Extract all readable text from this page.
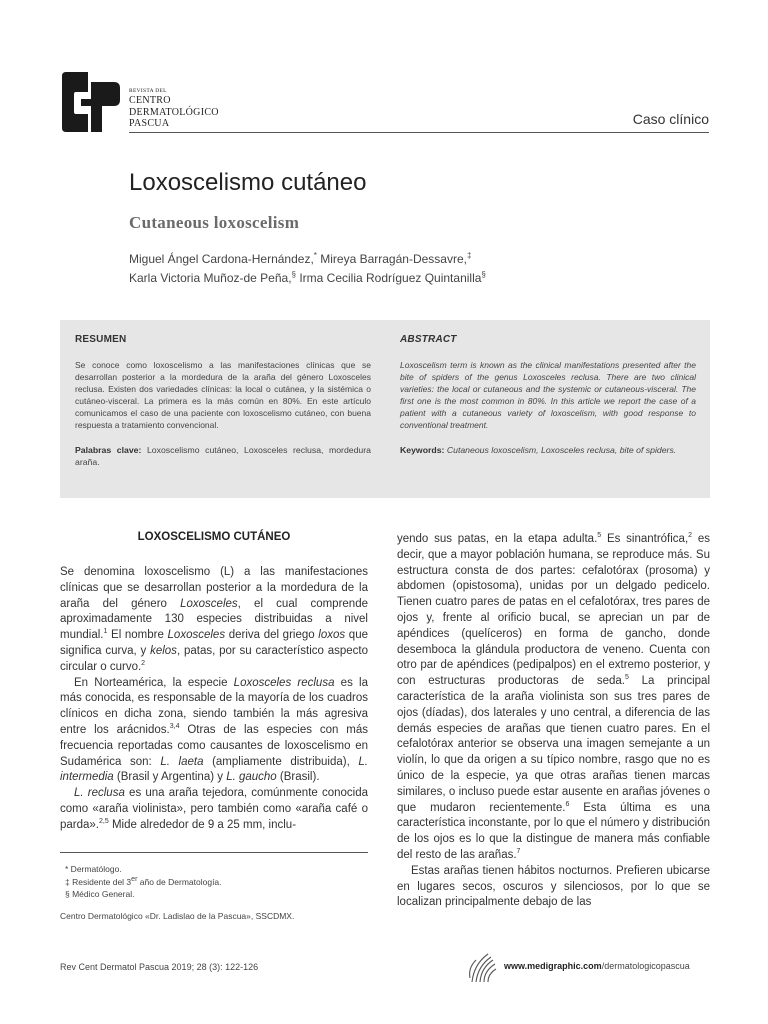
REVISTA DEL
CENTRO
DERMATOLÓGICO
PASCUA	Caso clínico
Loxoscelismo cutáneo
Cutaneous loxoscelism
Miguel Ángel Cardona-Hernández,* Mireya Barragán-Dessavre,‡
Karla Victoria Muñoz-de Peña,§ Irma Cecilia Rodríguez Quintanilla§
RESUMEN
Se conoce como loxoscelismo a las manifestaciones clínicas que se desarrollan posterior a la mordedura de la araña del género Loxosceles reclusa. Existen dos variedades clínicas: la local o cutánea, y la sistémica o cutáneo-visceral. La primera es la más común en 80%. En este artículo comunicamos el caso de una paciente con loxoscelismo cutáneo, con buena respuesta a tratamiento convencional.
Palabras clave: Loxoscelismo cutáneo, Loxosceles reclusa, mordedura araña.
ABSTRACT
Loxoscelism term is known as the clinical manifestations presented after the bite of spiders of the genus Loxosceles reclusa. There are two clinical varieties: the local or cutaneous and the systemic or cutaneous-visceral. The first one is the most common in 80%. In this article we report the case of a patient with a cutaneous variety of loxoscelism, with good response to conventional treatment.
Keywords: Cutaneous loxoscelism, Loxosceles reclusa, bite of spiders.
LOXOSCELISMO CUTÁNEO

Se denomina loxoscelismo (L) a las manifestaciones clínicas que se desarrollan posterior a la mordedura de la araña del género Loxosceles, el cual comprende aproximadamente 130 especies distribuidas a nivel mundial.$^1$ El nombre Loxosceles deriva del griego loxos que significa curva, y kelos, patas, por su característico aspecto circular o curvo.$^2$

En Norteamérica, la especie Loxosceles reclusa es la más conocida, es responsable de la mayoría de los cuadros clínicos en dicha zona, siendo también la más agresiva entre los arácnidos.$^{3,4}$ Otras de las especies con más frecuencia reportadas como causantes de loxoscelismo en Sudamérica son: L. laeta (ampliamente distribuida), L. intermedia (Brasil y Argentina) y L. gaucho (Brasil).

L. reclusa es una araña tejedora, comúnmente conocida como «araña violinista», pero también como «araña café o parda».$^{2,5}$ Mide alrededor de 9 a 25 mm, inclu-

yendo sus patas, en la etapa adulta.$^5$ Es sinantrófica,$^2$ es decir, que a mayor población humana, se reproduce más. Su estructura consta de dos partes: cefalotórax (prosoma) y abdomen (opistosoma), unidas por un delgado pedicelo. Tienen cuatro pares de patas en el cefalotórax, tres pares de ojos y, frente al orificio bucal, se aprecian un par de apéndices (quelíceros) en forma de gancho, donde desemboca la glándula productora de veneno. Cuenta con otro par de apéndices (pedipalpos) en el extremo posterior, y con estructuras productoras de seda.$^5$ La principal característica de la araña violinista son sus tres pares de ojos (díadas), dos laterales y uno central, a diferencia de las demás especies de arañas que tienen cuatro pares. En el cefalotórax anterior se observa una imagen semejante a un violín, lo que da origen a su típico nombre, rasgo que no es único de la especie, ya que otras arañas tienen marcas similares, o incluso puede estar ausente en arañas jóvenes o que mudaron recientemente.$^6$ Esta última es una característica inconstante, por lo que el número y distribución de los ojos es lo que la distingue de manera más confiable del resto de las arañas.$^7$

Estas arañas tienen hábitos nocturnos. Prefieren ubicarse en lugares secos, oscuros y silenciosos, por lo que se localizan principalmente debajo de las

* Dermatólogo.
‡ Residente del 3er año de Dermatología.
§ Médico General.
Centro Dermatológico «Dr. Ladislao de la Pascua», SSCDMX.
Rev Cent Dermatol Pascua 2019; 28 (3): 122-126	www.medigraphic.com/dermatologicopascua
